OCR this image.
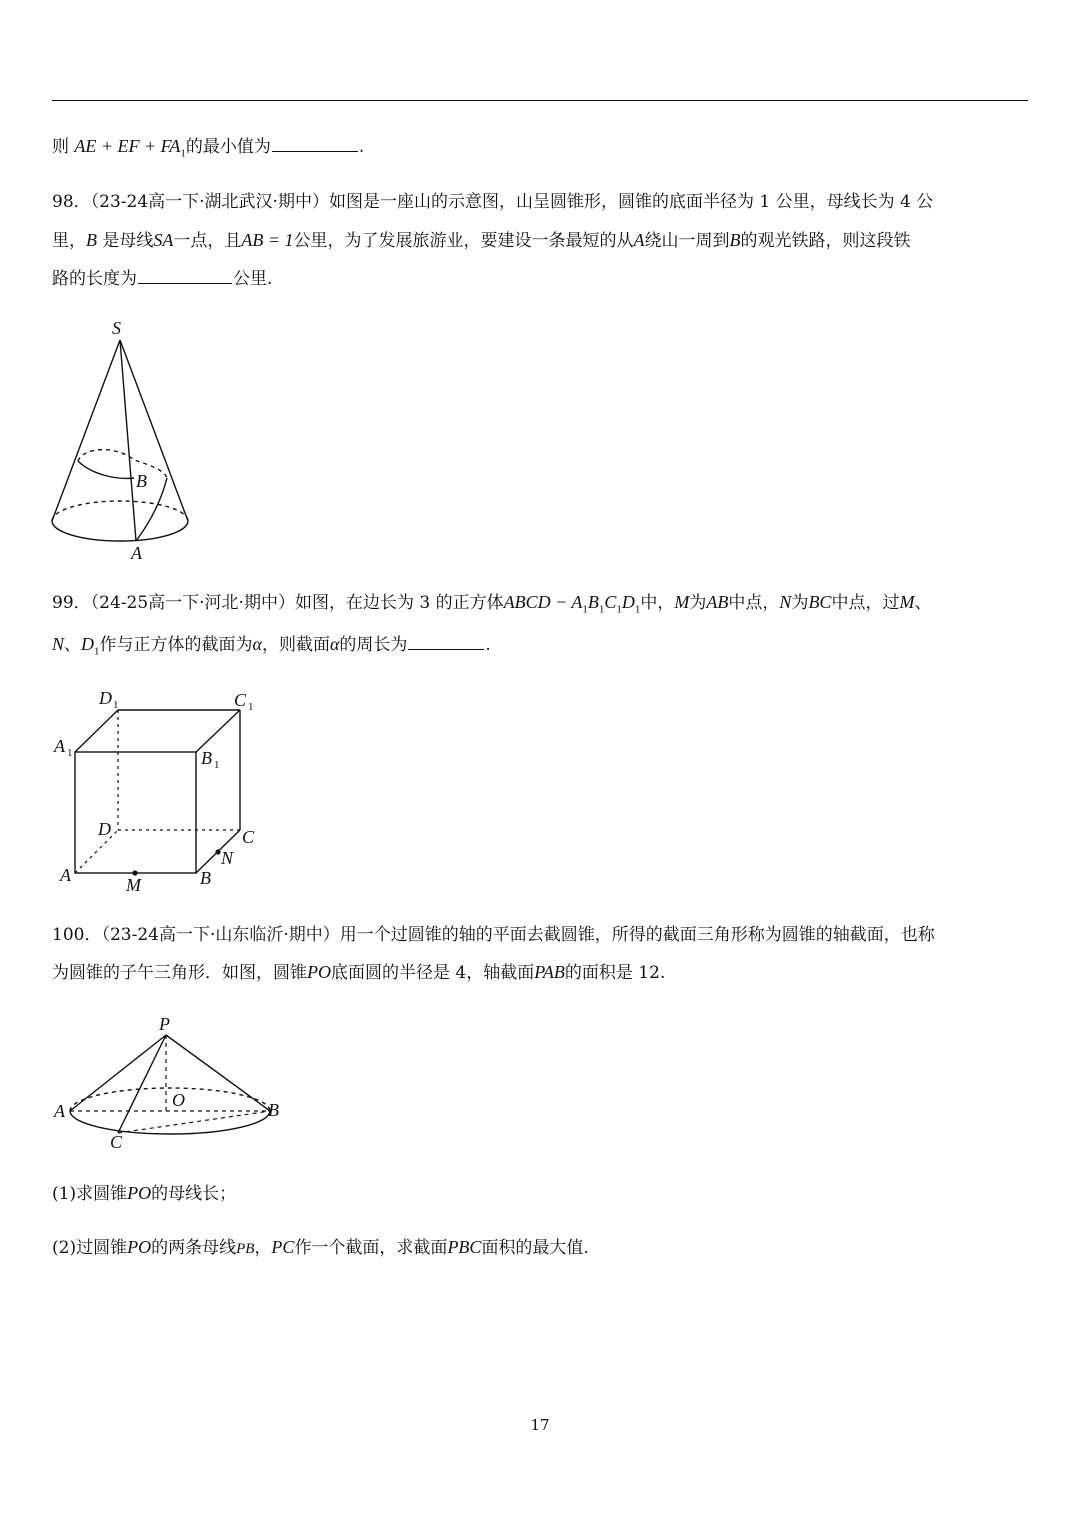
则 AE + EF + $FA_1$的最小值为	.
98．（23-24高一下·湖北武汉·期中）如图是一座山的示意图，山呈圆锥形，圆锥的底面半径为 1 公里，母线长为 4 公
里，B 是母线SA一点，且AB = 1公里，为了发展旅游业，要建设一条最短的从A绕山一周到B的观光铁路，则这段铁
路的长度为	公里.
S
B
A
99．（24-25高一下·河北·期中）如图，在边长为 3 的正方体ABCD − $A_1B_1C_1D_1$中，M为AB中点，N为BC中点，过M、
N、$D_1$作与正方体的截面为α，则截面α的周长为	.
D 1	C 1
A 1	B 1
D	C
A	B
M
N
100．（23-24高一下·山东临沂·期中）用一个过圆锥的轴的平面去截圆锥，所得的截面三角形称为圆锥的轴截面，也称
为圆锥的子午三角形．如图，圆锥PO底面圆的半径是 4，轴截面PAB的面积是 12.
P
A
O	B
C
(1)求圆锥PO的母线长；
(2)过圆锥PO的两条母线PB，PC作一个截面，求截面PBC面积的最大值.
17
